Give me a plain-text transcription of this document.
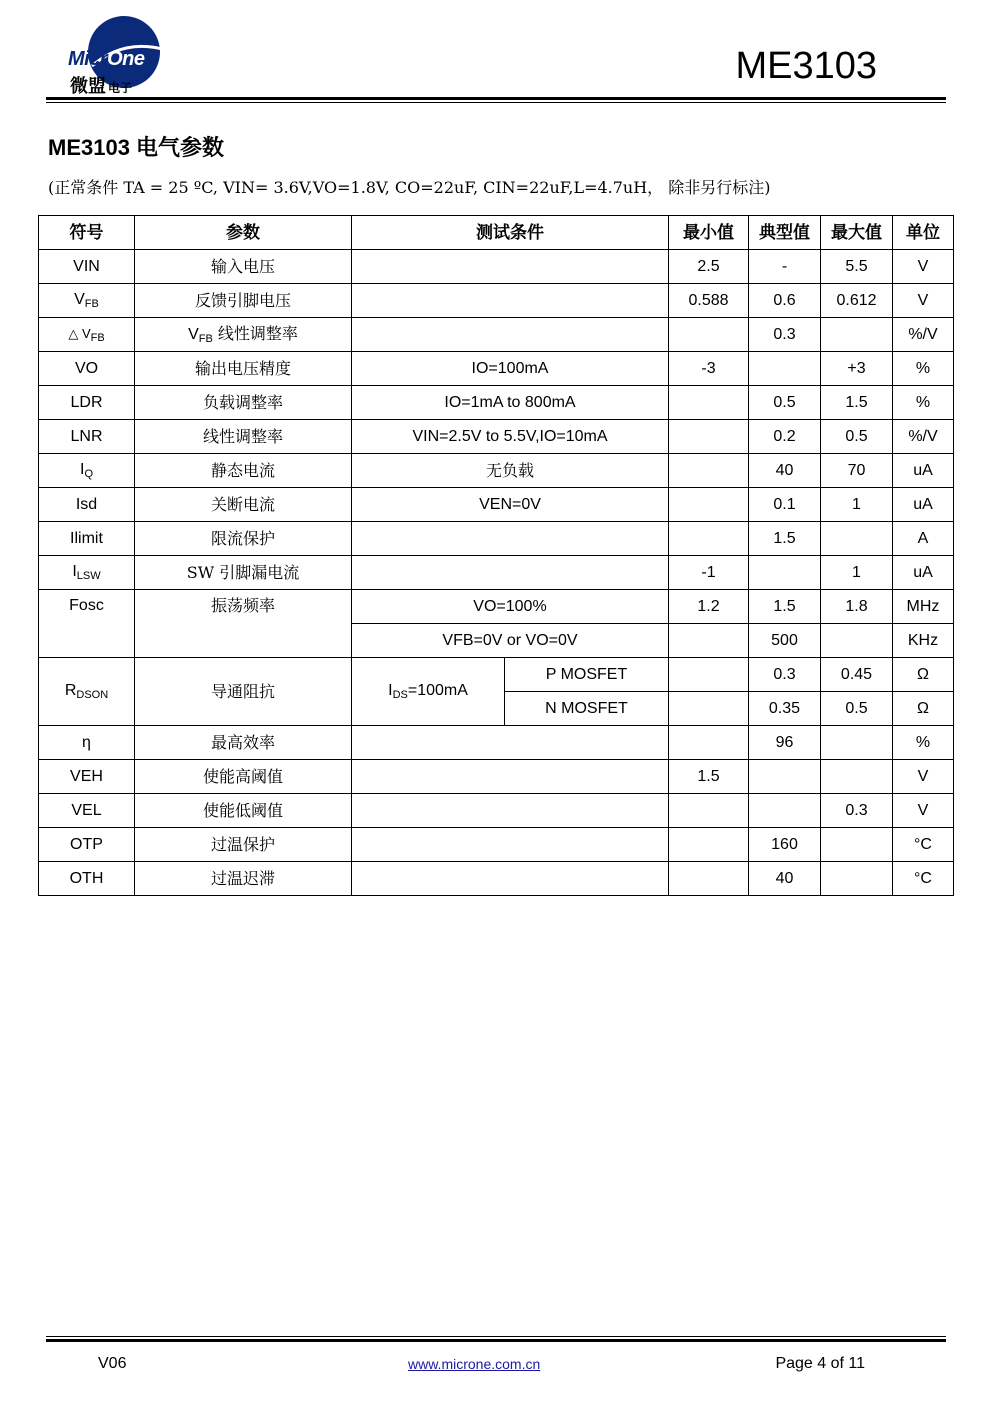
MicrOne
微盟 电子
ME3103
ME3103 电气参数
(正常条件 TA = 25 ºC, VIN= 3.6V,VO=1.8V, CO=22uF, CIN=22uF,L=4.7uH， 除非另行标注)
符号	参数	测试条件		最小值	典型值	最大值	单位
VIN	输入电压			2.5	-	5.5	V
$V_{FB}$	反馈引脚电压			0.588	0.6	0.612	V
△ $V_{FB}$	$V_{FB}$ 线性调整率				0.3		%/V
VO	输出电压精度	IO=100mA		-3		+3	%
LDR	负载调整率	IO=1mA to 800mA			0.5	1.5	%
LNR	线性调整率	VIN=2.5V to 5.5V,IO=10mA			0.2	0.5	%/V
$I_Q$	静态电流	无负载			40	70	uA
Isd	关断电流	VEN=0V			0.1	1	uA
Ilimit	限流保护				1.5		A
$I_{LSW}$	SW 引脚漏电流			-1		1	uA
Fosc	振荡频率	VO=100%		1.2	1.5	1.8	MHz
		VFB=0V or VO=0V			500		KHz
$R_{DSON}$	导通阻抗	$I_{DS}=100mA$	P MOSFET		0.3	0.45	Ω
			N MOSFET		0.35	0.5	Ω
η	最高效率				96		%
VEH	使能高阈值			1.5			V
VEL	使能低阈值					0.3	V
OTP	过温保护				160		°C
OTH	过温迟滞				40		°C
V06	www.microne.com.cn	Page 4 of 11
